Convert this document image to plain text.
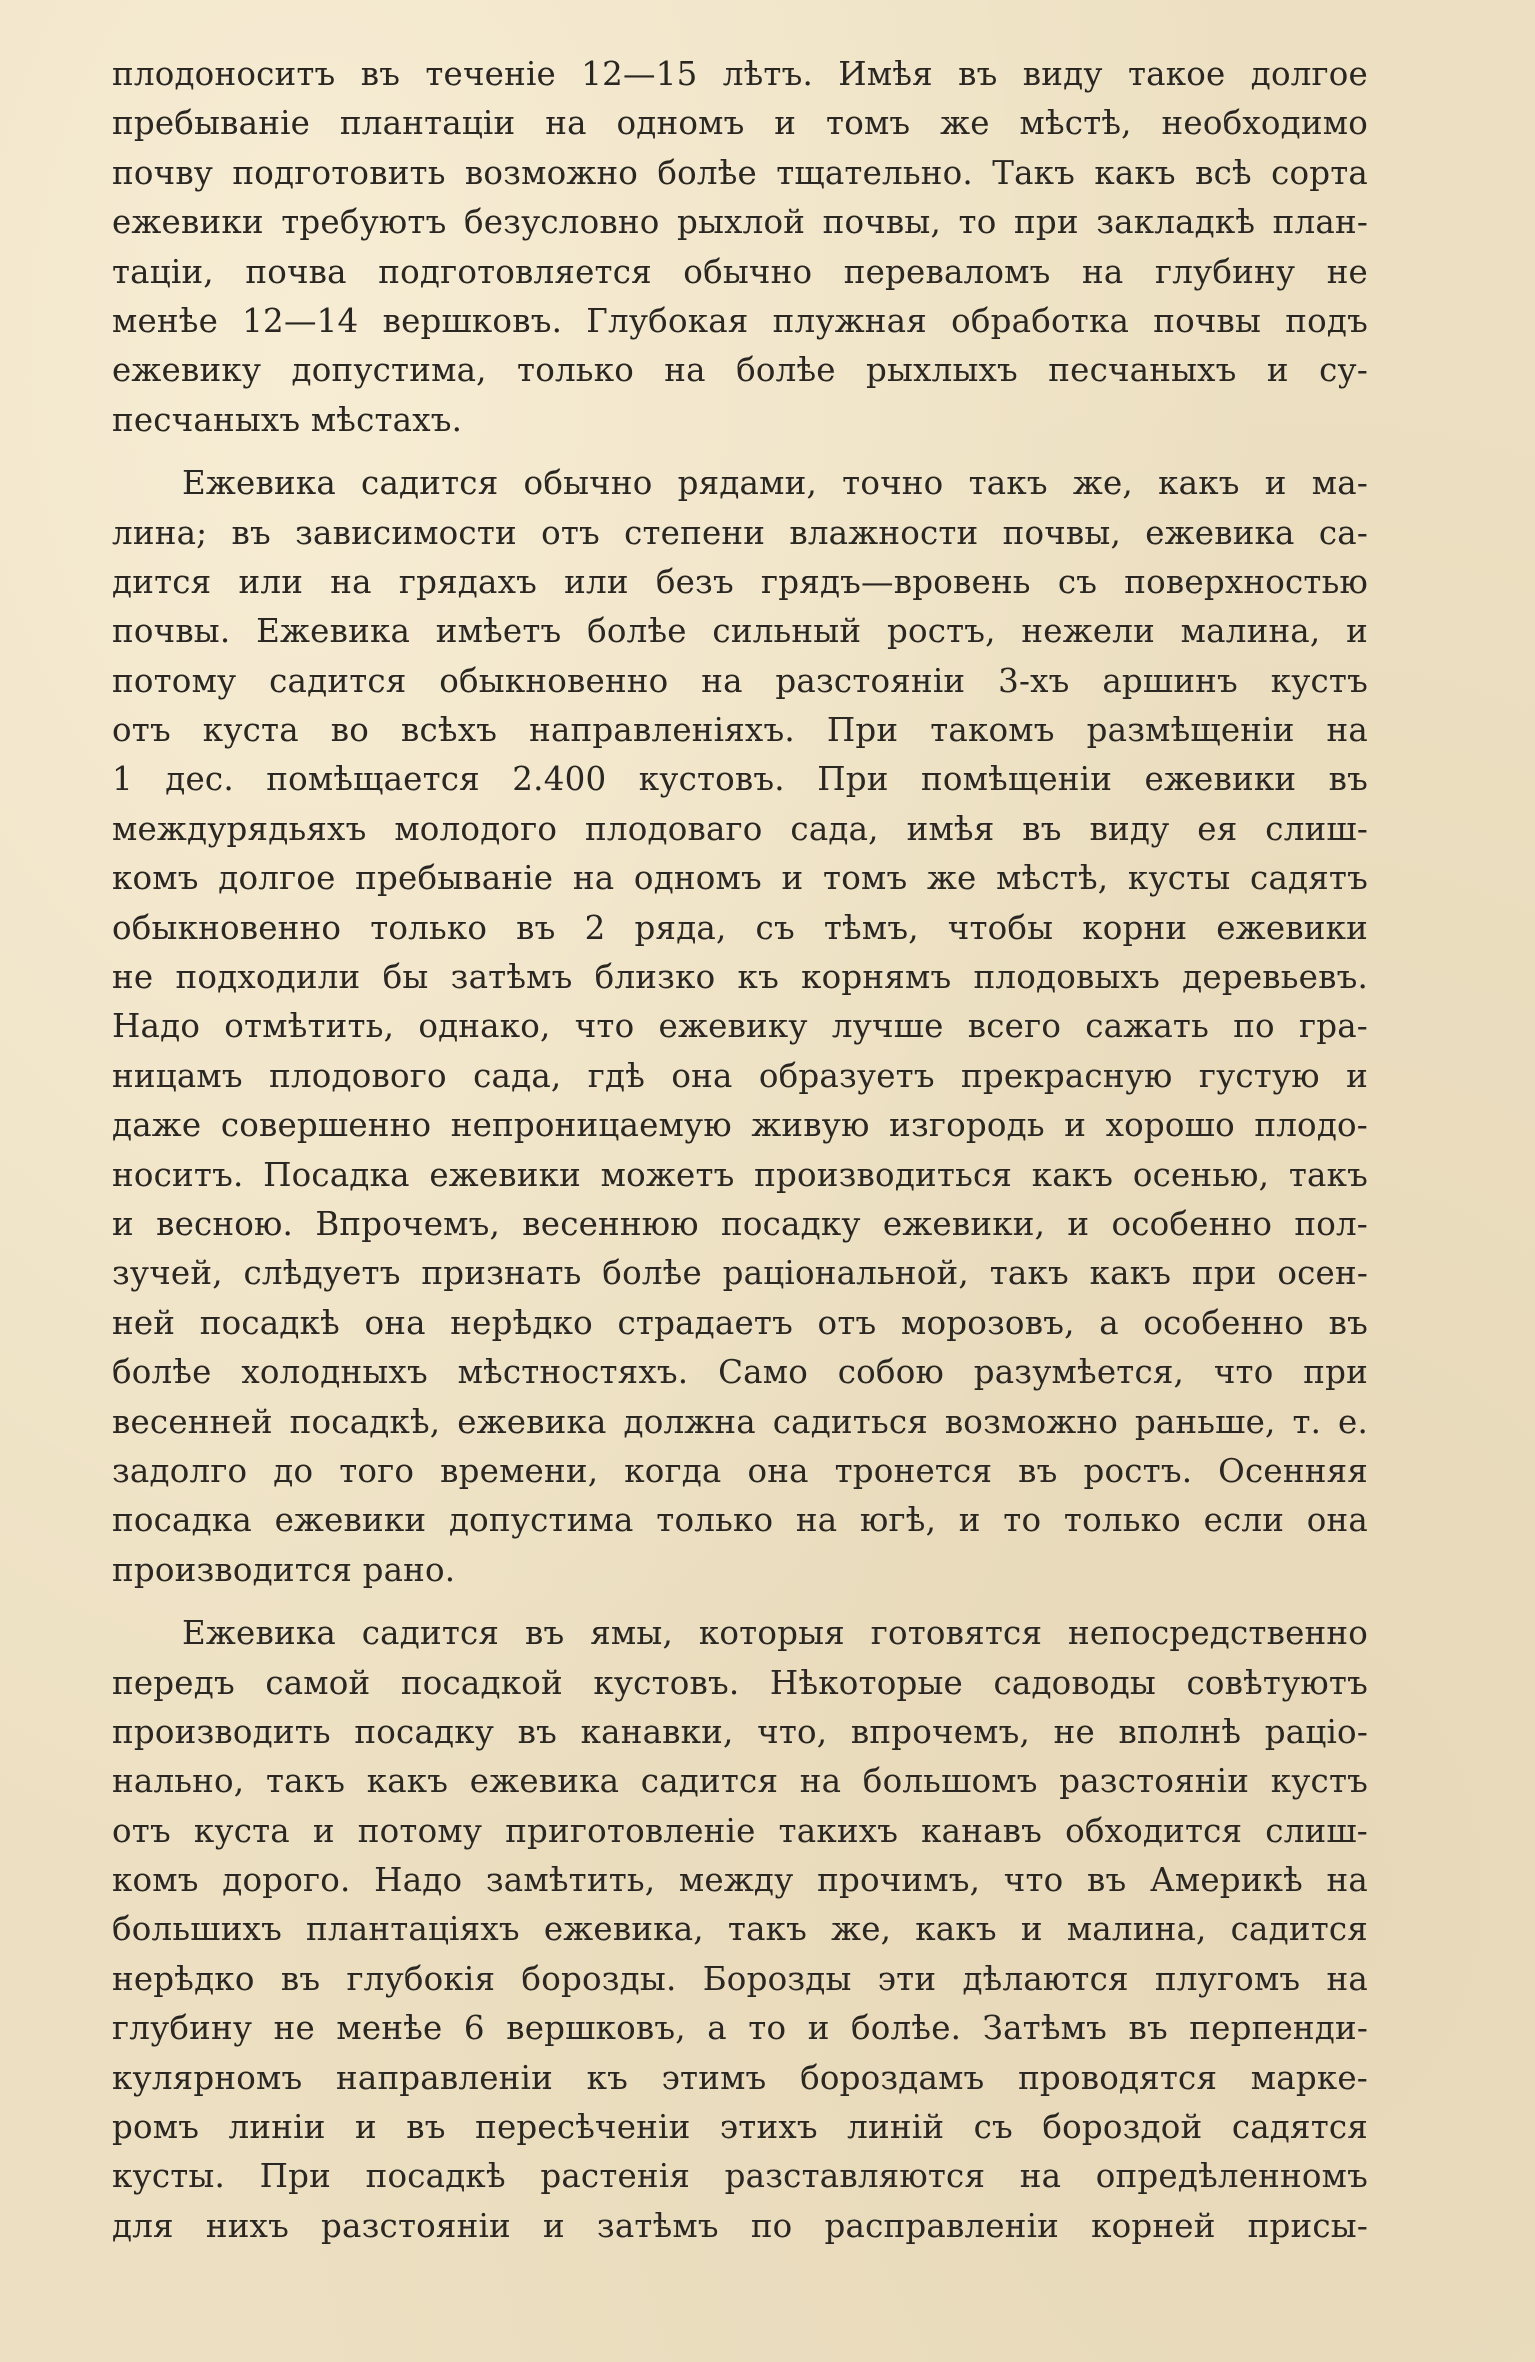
плодоноситъ въ теченіе 12—15 лѣтъ. Имѣя въ виду такое долгое
пребываніе плантаціи на одномъ и томъ же мѣстѣ, необходимо
почву подготовить возможно болѣе тщательно. Такъ какъ всѣ сорта
ежевики требуютъ безусловно рыхлой почвы, то при закладкѣ план-
таціи, почва подготовляется обычно переваломъ на глубину не
менѣе 12—14 вершковъ. Глубокая плужная обработка почвы подъ
ежевику допустима, только на болѣе рыхлыхъ песчаныхъ и су-
песчаныхъ мѣстахъ.
Ежевика садится обычно рядами, точно такъ же, какъ и ма-
лина; въ зависимости отъ степени влажности почвы, ежевика са-
дится или на грядахъ или безъ грядъ—вровень съ поверхностью
почвы. Ежевика имѣетъ болѣе сильный ростъ, нежели малина, и
потому садится обыкновенно на разстояніи 3-хъ аршинъ кустъ
отъ куста во всѣхъ направленіяхъ. При такомъ размѣщеніи на
1 дес. помѣщается 2.400 кустовъ. При помѣщеніи ежевики въ
междурядьяхъ молодого плодоваго сада, имѣя въ виду ея слиш-
комъ долгое пребываніе на одномъ и томъ же мѣстѣ, кусты садятъ
обыкновенно только въ 2 ряда, съ тѣмъ, чтобы корни ежевики
не подходили бы затѣмъ близко къ корнямъ плодовыхъ деревьевъ.
Надо отмѣтить, однако, что ежевику лучше всего сажать по гра-
ницамъ плодового сада, гдѣ она образуетъ прекрасную густую и
даже совершенно непроницаемую живую изгородь и хорошо плодо-
носитъ. Посадка ежевики можетъ производиться какъ осенью, такъ
и весною. Впрочемъ, весеннюю посадку ежевики, и особенно пол-
зучей, слѣдуетъ признать болѣе раціональной, такъ какъ при осен-
ней посадкѣ она нерѣдко страдаетъ отъ морозовъ, а особенно въ
болѣе холодныхъ мѣстностяхъ. Само собою разумѣется, что при
весенней посадкѣ, ежевика должна садиться возможно раньше, т. е.
задолго до того времени, когда она тронется въ ростъ. Осенняя
посадка ежевики допустима только на югѣ, и то только если она
производится рано.
Ежевика садится въ ямы, которыя готовятся непосредственно
передъ самой посадкой кустовъ. Нѣкоторые садоводы совѣтуютъ
производить посадку въ канавки, что, впрочемъ, не вполнѣ раціо-
нально, такъ какъ ежевика садится на большомъ разстояніи кустъ
отъ куста и потому приготовленіе такихъ канавъ обходится слиш-
комъ дорого. Надо замѣтить, между прочимъ, что въ Америкѣ на
большихъ плантаціяхъ ежевика, такъ же, какъ и малина, садится
нерѣдко въ глубокія борозды. Борозды эти дѣлаются плугомъ на
глубину не менѣе 6 вершковъ, а то и болѣе. Затѣмъ въ перпенди-
кулярномъ направленіи къ этимъ бороздамъ проводятся марке-
ромъ линіи и въ пересѣченіи этихъ линій съ бороздой садятся
кусты. При посадкѣ растенія разставляются на опредѣленномъ
для нихъ разстояніи и затѣмъ по расправленіи корней присы-
